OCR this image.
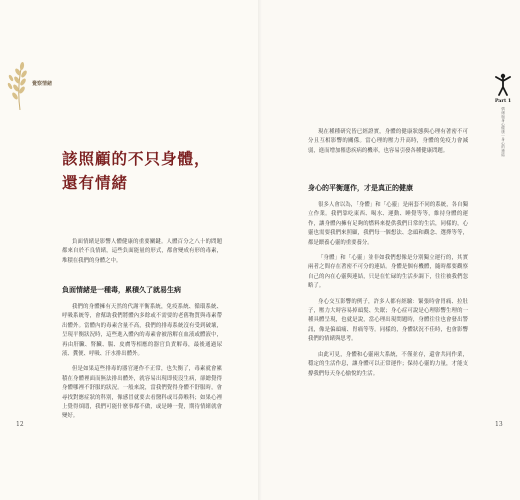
覺察情緒
該照顧的不只身體，
還有情緒

負面情緒是影響人體健康的重要關鍵。人體百分之八十的問題都來自於不良情緒，這些負面能量的形式，都會變成有形的毒素，堆積在我們的身體之中。

負面情緒是一種毒，累積久了就易生病

我們的身體擁有天然的代謝平衡系統，免疫系統、循環系統、呼吸系統等，會幫助我們將體內多餘或不需要的老舊物質與毒素帶出體外。當體內的毒素含量不高，我們的排毒系統沒有受到破壞，呈現平衡狀況時，這些進入體內的毒素會被溶解在血液或體液中，再由肝臟、腎臟、腸、皮膚等相應的器官負責解毒，最後通過尿液、糞便、呼吸、汗水排出體外。

但是如果這些排毒的器官運作不正常，也失衡了，毒素就會累積在身體裡面而無法排出體外，就容易出現即使沒生病，卻總覺得身體哪裡不舒服的狀況。一般來說，當我們覺得身體不舒服時，會尋找對應症狀的科別，像感冒就要去看醫科或耳鼻喉科；如果心裡上覺得煩悶，我們可能什麼事都不做，或是睡一覺，期待情緒就會變好。

12
Part 1
情緒與身心健康｜身心的連結

現在種種研究皆已經證實，身體的健康狀態與心理有著密不可分且互相影響的關係。當心理的壓力升高時，身體的免疫力會減弱，進而增加罹患疾病的機率，也容易引發各種健康問題。

身心的平衡運作，才是真正的健康

很多人會以為，「身體」和「心靈」是兩套不同的系統，各自獨立作業。我們靠吃東西、喝水、運動、睡覺等等，維持身體的運作，讓身體內擁有足夠的燃料來提供我們日常的生活，同樣的，心靈也需要我們來照顧，我們每一個想法、念頭和觀念、選擇等等，都是餵養心靈的重要養分。

「身體」和「心靈」並非如我們想像是分別獨立運行的，其實兩者之間存在著密不可分的連結。身體是個有機體，隨時都要觀察自己的內在心靈與連結，只是在忙碌的生活步調下，往往被我們忽略了。

身心交互影響的例子，許多人都有經驗：緊張時會胃痛、拉肚子，壓力大時容易掉頭髮、失眠；身心症可說是心理影響生理的一種具體呈現，也就是說，當心理出現問題時，身體往往也會發出警訊，像是偏頭痛、胃痛等等。同樣的，身體狀況不佳時，也會影響我們的情緒與思考。

由此可見，身體和心靈兩大系統，不僅並存，還會共同作業，穩定的生活作息，讓身體可以正常運作；保持心靈的力量，才能支撐我們每天身心愉悅的生活。

13
